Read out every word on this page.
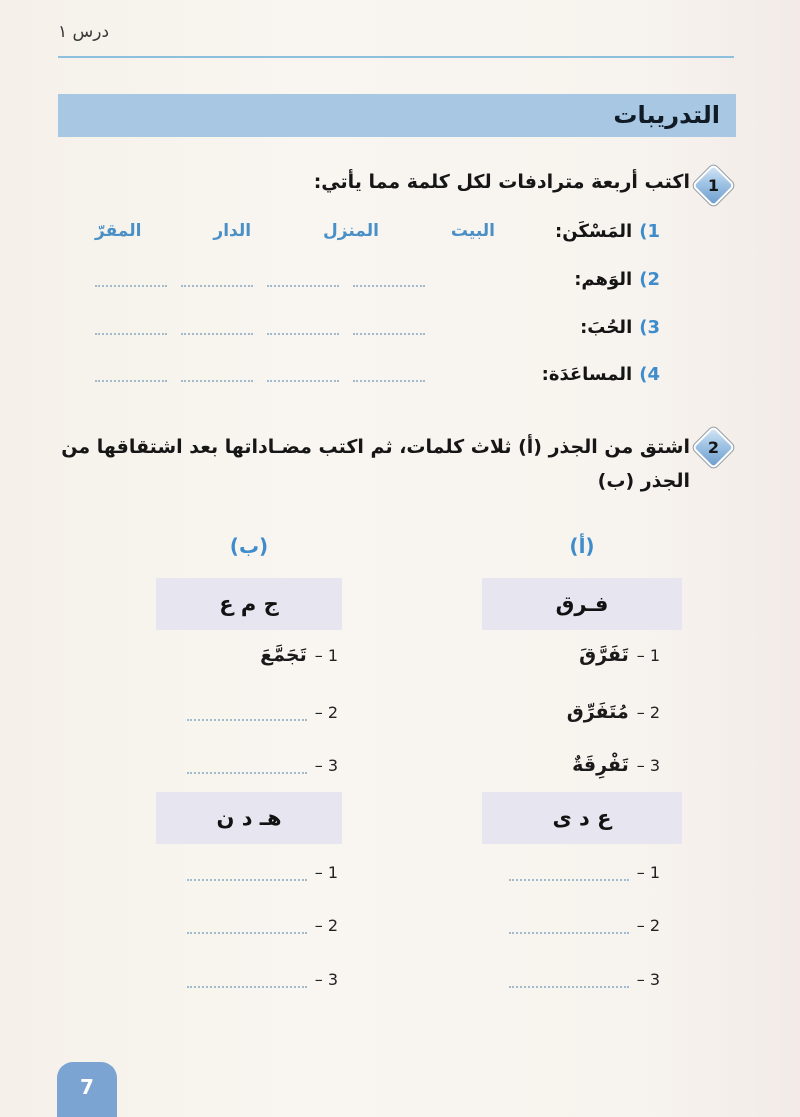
درس ١
التدريبات
1
اكتب أربعة مترادفات لكل كلمة مما يأتي:
1)
المَسْكَن:
البيت
المنزل
الدار
المقرّ
2)
الوَهم:
3)
الحُبَ:
4)
المساعَدَة:
2
اشتق من الجذر (أ) ثلاث كلمات، ثم اكتب مضـاداتها بعد اشتقاقها من
الجذر (ب)
(أ)
(ب)
فـرق
ج م ع
1 –
تَفَرَّقَ
2 –
مُتَفَرِّق
3 –
تَفْرِقَةٌ
1 –
تَجَمَّعَ
2 –
3 –
ع د ى
هـ د ن
1 –
2 –
3 –
1 –
2 –
3 –
7
